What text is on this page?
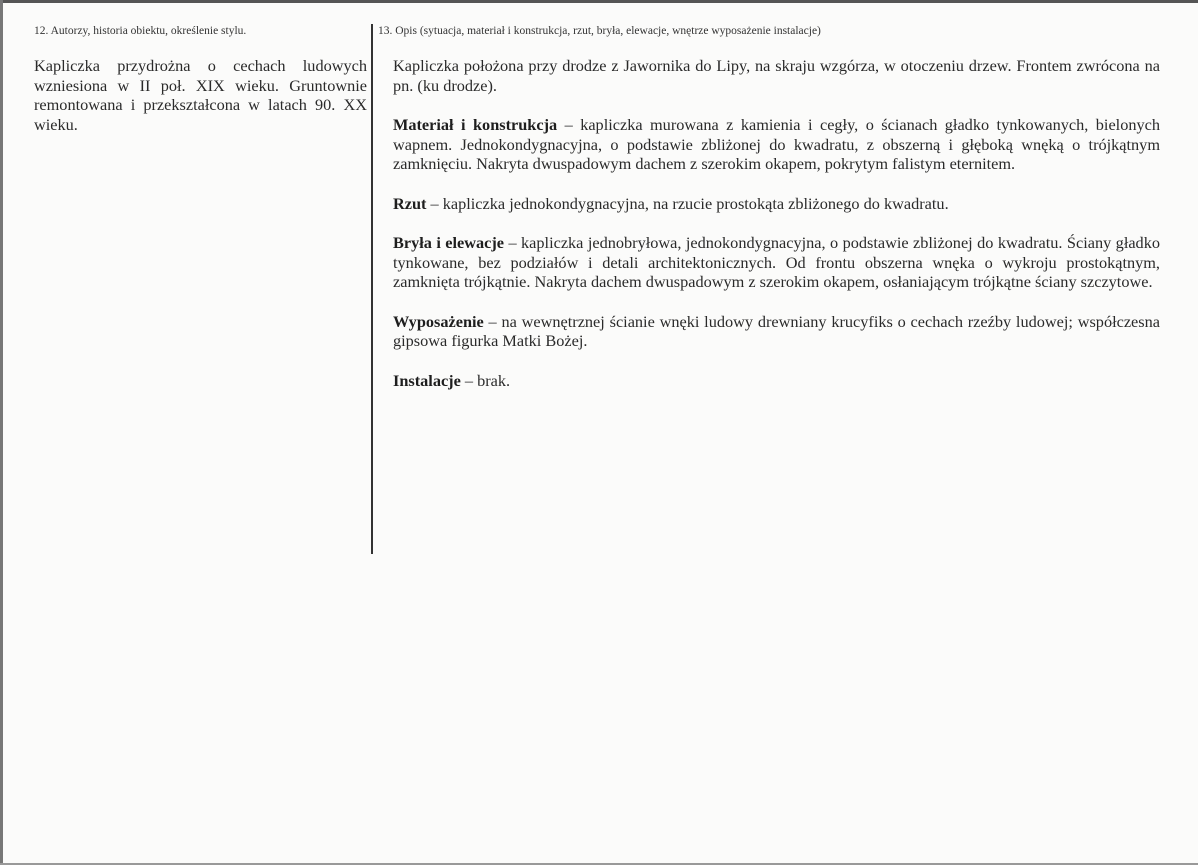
12. Autorzy, historia obiektu, określenie stylu.	13. Opis (sytuacja, materiał i konstrukcja, rzut, bryła, elewacje, wnętrze wyposażenie instalacje)

Kapliczka przydrożna o cechach ludowych wzniesiona w II poł. XIX wieku. Gruntownie remontowana i przekształcona w latach 90. XX wieku.

Kapliczka położona przy drodze z Jawornika do Lipy, na skraju wzgórza, w otoczeniu drzew. Frontem zwrócona na pn. (ku drodze).

Materiał i konstrukcja – kapliczka murowana z kamienia i cegły, o ścianach gładko tynkowanych, bielonych wapnem. Jednokondygnacyjna, o podstawie zbliżonej do kwadratu, z obszerną i głęboką wnęką o trójkątnym zamknięciu. Nakryta dwuspadowym dachem z szerokim okapem, pokrytym falistym eternitem.

Rzut – kapliczka jednokondygnacyjna, na rzucie prostokąta zbliżonego do kwadratu.

Bryła i elewacje – kapliczka jednobryłowa, jednokondygnacyjna, o podstawie zbliżonej do kwadratu. Ściany gładko tynkowane, bez podziałów i detali architektonicznych. Od frontu obszerna wnęka o wykroju prostokątnym, zamknięta trójkątnie. Nakryta dachem dwuspadowym z szerokim okapem, osłaniającym trójkątne ściany szczytowe.

Wyposażenie – na wewnętrznej ścianie wnęki ludowy drewniany krucyfiks o cechach rzeźby ludowej; współczesna gipsowa figurka Matki Bożej.

Instalacje – brak.
